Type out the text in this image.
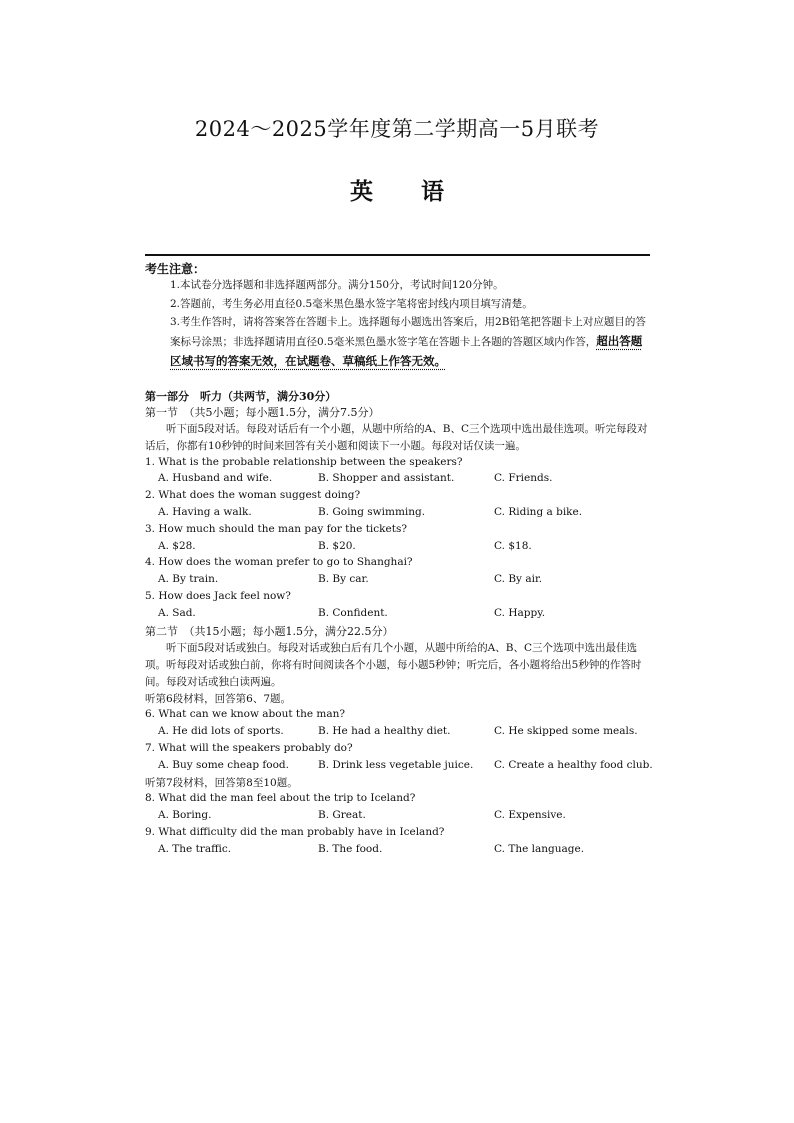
2024～2025学年度第二学期高一5月联考
英 语
考生注意：
1.本试卷分选择题和非选择题两部分。满分150分，考试时间120分钟。
2.答题前，考生务必用直径0.5毫米黑色墨水签字笔将密封线内项目填写清楚。
3.考生作答时，请将答案答在答题卡上。选择题每小题选出答案后，用2B铅笔把答题卡上对应题目的答案标号涂黑；非选择题请用直径0.5毫米黑色墨水签字笔在答题卡上各题的答题区域内作答，超出答题区域书写的答案无效，在试题卷、草稿纸上作答无效。
第一部分　听力（共两节，满分30分）
第一节　（共5小题；每小题1.5分，满分7.5分）
听下面5段对话。每段对话后有一个小题，从题中所给的A、B、C三个选项中选出最佳选项。听完每段对话后，你都有10秒钟的时间来回答有关小题和阅读下一小题。每段对话仅读一遍。
1. What is the probable relationship between the speakers?
A. Husband and wife.	B. Shopper and assistant.	C. Friends.
2. What does the woman suggest doing?
A. Having a walk.	B. Going swimming.	C. Riding a bike.
3. How much should the man pay for the tickets?
A. $28.	B. $20.	C. $18.
4. How does the woman prefer to go to Shanghai?
A. By train.	B. By car.	C. By air.
5. How does Jack feel now?
A. Sad.	B. Confident.	C. Happy.
第二节　（共15小题；每小题1.5分，满分22.5分）
听下面5段对话或独白。每段对话或独白后有几个小题，从题中所给的A、B、C三个选项中选出最佳选项。听每段对话或独白前，你将有时间阅读各个小题，每小题5秒钟；听完后，各小题将给出5秒钟的作答时间。每段对话或独白读两遍。
听第6段材料，回答第6、7题。
6. What can we know about the man?
A. He did lots of sports.	B. He had a healthy diet.	C. He skipped some meals.
7. What will the speakers probably do?
A. Buy some cheap food.	B. Drink less vegetable juice. C. Create a healthy food club.
听第7段材料，回答第8至10题。
8. What did the man feel about the trip to Iceland?
A. Boring.	B. Great.	C. Expensive.
9. What difficulty did the man probably have in Iceland?
A. The traffic.	B. The food.	C. The language.
